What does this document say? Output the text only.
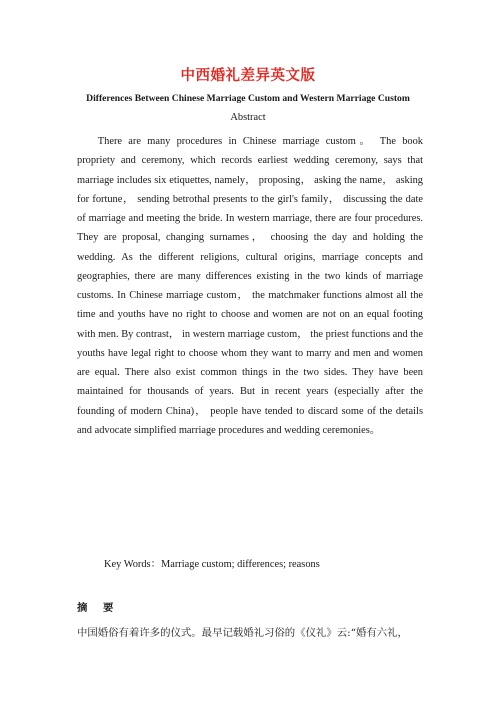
中西婚礼差异英文版
Differences Between Chinese Marriage Custom and Western Marriage Custom
Abstract

There are many procedures in Chinese marriage custom。 The book propriety and ceremony, which records earliest wedding ceremony, says that marriage includes six etiquettes, namely， proposing， asking the name， asking for fortune， sending betrothal presents to the girl's family， discussing the date of marriage and meeting the bride. In western marriage, there are four procedures. They are proposal, changing surnames， choosing the day and holding the wedding. As the different religions, cultural origins, marriage concepts and geographies, there are many differences existing in the two kinds of marriage customs. In Chinese marriage custom， the matchmaker functions almost all the time and youths have no right to choose and women are not on an equal footing with men. By contrast， in western marriage custom， the priest functions and the youths have legal right to choose whom they want to marry and men and women are equal. There also exist common things in the two sides. They have been maintained for thousands of years. But in recent years (especially after the founding of modern China)， people have tended to discard some of the details and advocate simplified marriage procedures and wedding ceremonies。

Key Words：Marriage custom; differences; reasons
摘 要
中国婚俗有着许多的仪式。最早记载婚礼习俗的《仪礼》云:“婚有六礼，
